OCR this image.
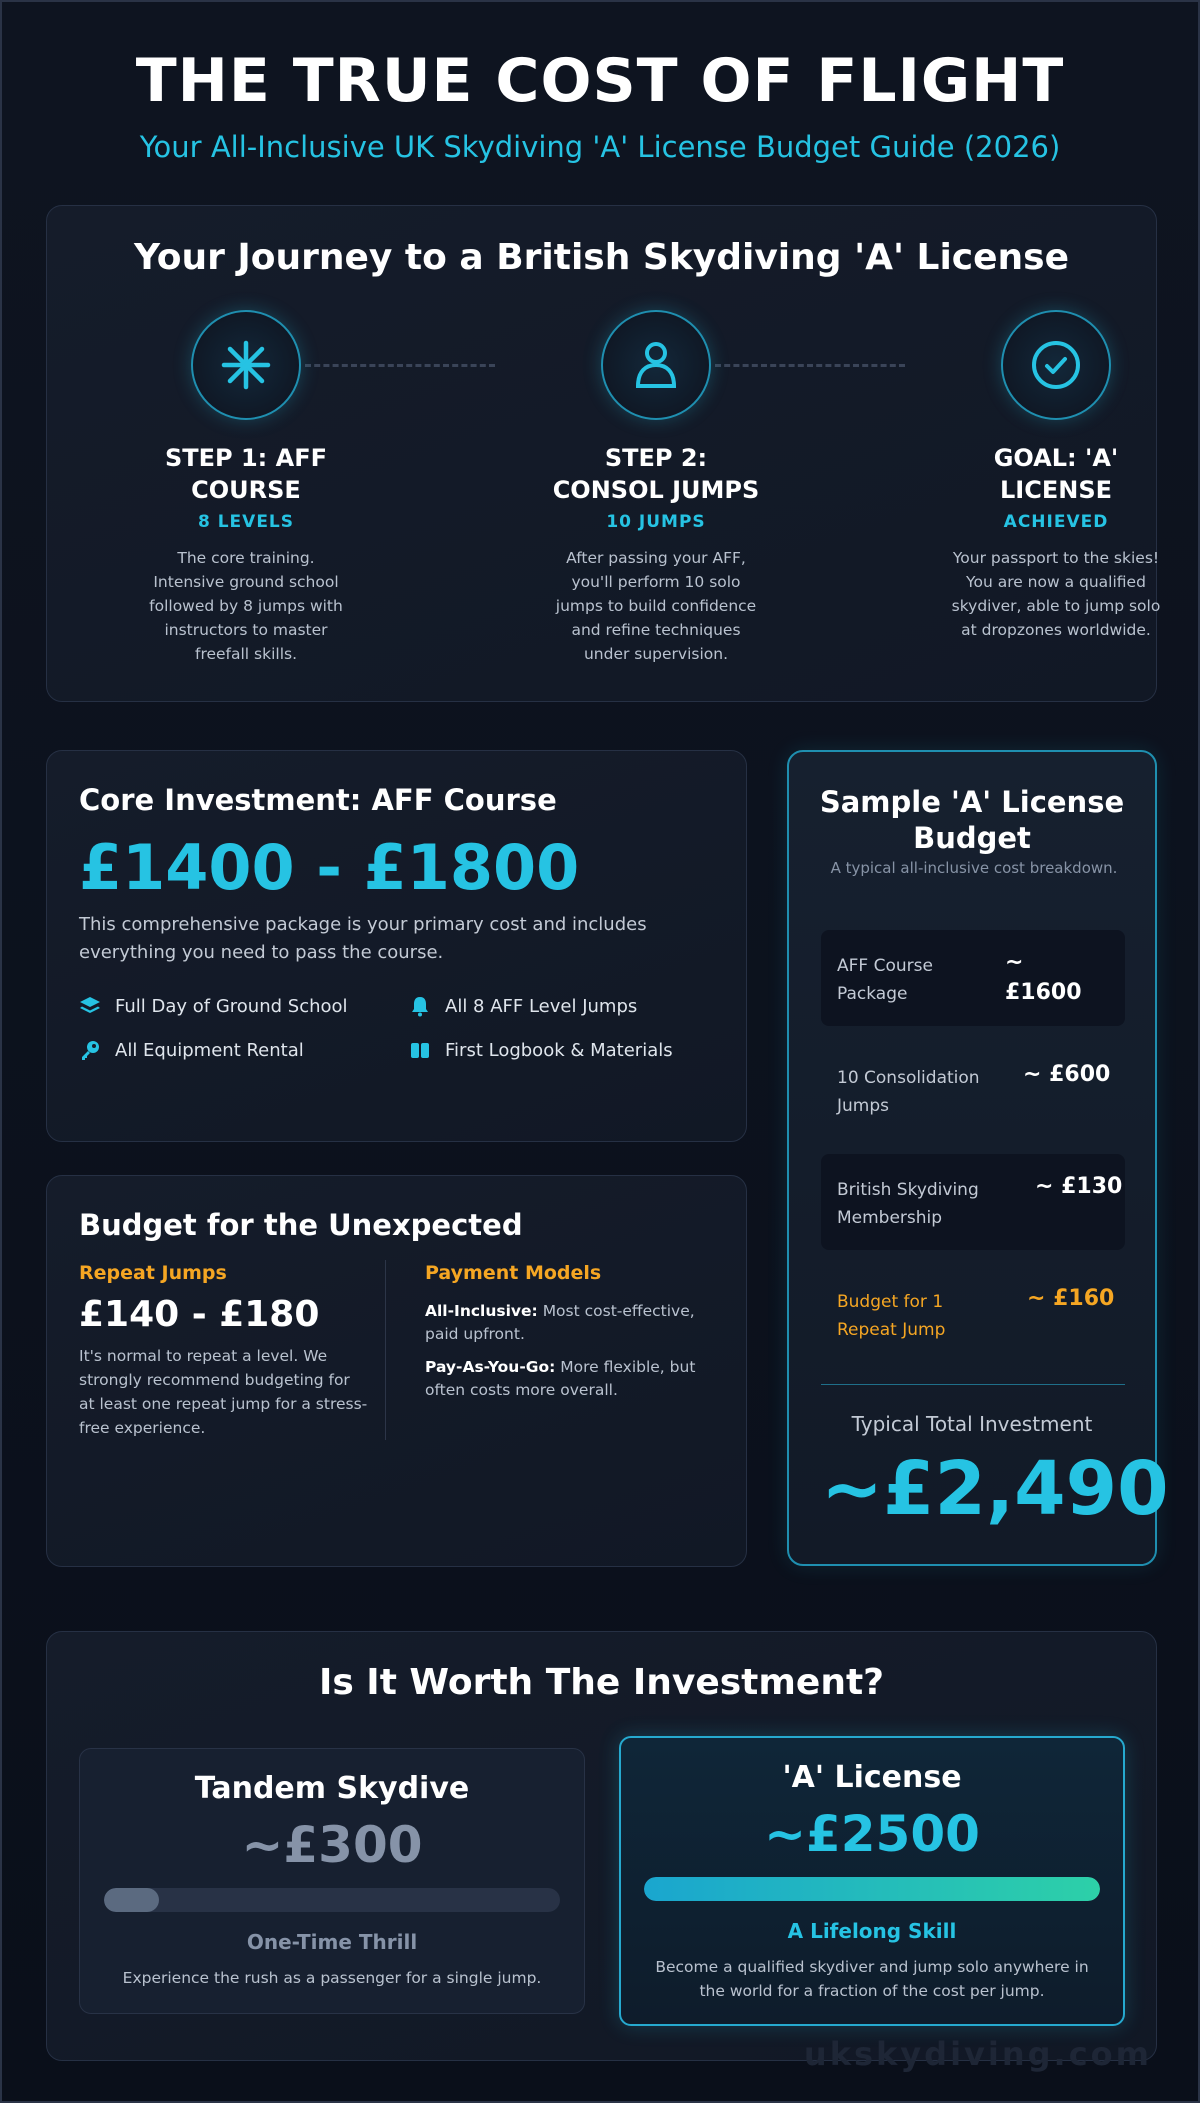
THE TRUE COST OF FLIGHT
Your All-Inclusive UK Skydiving 'A' License Budget Guide (2026)
Your Journey to a British Skydiving 'A' License
STEP 1: AFF COURSE
8 LEVELS
The core training. Intensive ground school followed by 8 jumps with instructors to master freefall skills.
STEP 2: CONSOL JUMPS
10 JUMPS
After passing your AFF, you'll perform 10 solo jumps to build confidence and refine techniques under supervision.
GOAL: 'A' LICENSE
ACHIEVED
Your passport to the skies! You are now a qualified skydiver, able to jump solo at dropzones worldwide.
Core Investment: AFF Course
£1400 - £1800
This comprehensive package is your primary cost and includes everything you need to pass the course.
Full Day of Ground School	All 8 AFF Level Jumps
All Equipment Rental	First Logbook & Materials
Budget for the Unexpected
Repeat Jumps
£140 - £180
It's normal to repeat a level. We strongly recommend budgeting for at least one repeat jump for a stress-free experience.
Payment Models
All-Inclusive: Most cost-effective, paid upfront.
Pay-As-You-Go: More flexible, but often costs more overall.
Sample 'A' License Budget
A typical all-inclusive cost breakdown.
AFF Course Package
~ £1600
10 Consolidation Jumps
~ £600
British Skydiving Membership
~ £130
Budget for 1 Repeat Jump
~ £160
Typical Total Investment
~£2,490
Is It Worth The Investment?
Tandem Skydive
~£300
One-Time Thrill
Experience the rush as a passenger for a single jump.
'A' License
~£2500
A Lifelong Skill
Become a qualified skydiver and jump solo anywhere in the world for a fraction of the cost per jump.
ukskydiving.com
